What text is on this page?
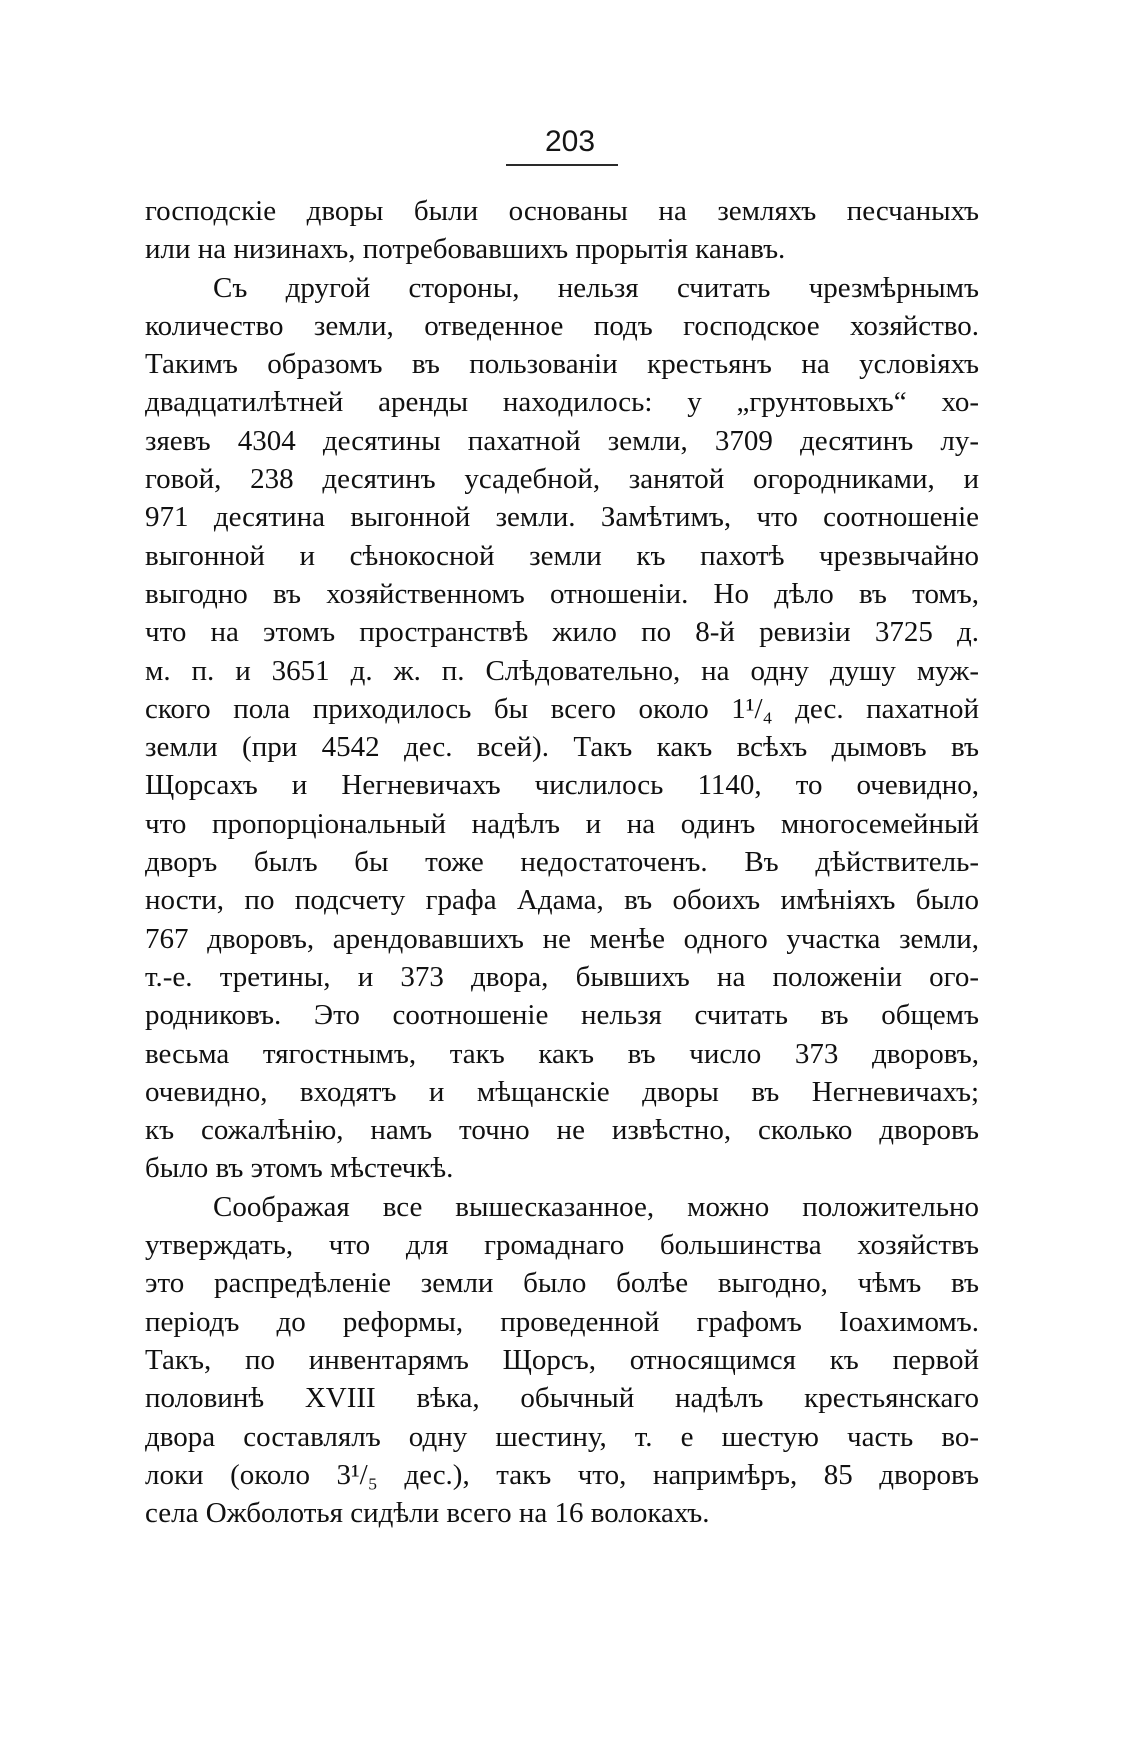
203
господскіе дворы были основаны на земляхъ песчаныхъ
или на низинахъ, потребовавшихъ прорытія канавъ.
Съ другой стороны, нельзя считать чрезмѣрнымъ
количество земли, отведенное подъ господское хозяйство.
Такимъ образомъ въ пользованіи крестьянъ на условіяхъ
двадцатилѣтней аренды находилось: у „грунтовыхъ“ хо-
зяевъ 4304 десятины пахатной земли, 3709 десятинъ лу-
говой, 238 десятинъ усадебной, занятой огородниками, и
971 десятина выгонной земли. Замѣтимъ, что соотношеніе
выгонной и сѣнокосной земли къ пахотѣ чрезвычайно
выгодно въ хозяйственномъ отношеніи. Но дѣло въ томъ,
что на этомъ пространствѣ жило по 8-й ревизіи 3725 д.
м. п. и 3651 д. ж. п. Слѣдовательно, на одну душу муж-
ского пола приходилось бы всего около 1¹/₄ дес. пахатной
земли (при 4542 дес. всей). Такъ какъ всѣхъ дымовъ въ
Щорсахъ и Негневичахъ числилось 1140, то очевидно,
что пропорціональный надѣлъ и на одинъ многосемейный
дворъ былъ бы тоже недостаточенъ. Въ дѣйствитель-
ности, по подсчету графа Адама, въ обоихъ имѣніяхъ было
767 дворовъ, арендовавшихъ не менѣе одного участка земли,
т.-е. третины, и 373 двора, бывшихъ на положеніи ого-
родниковъ. Это соотношеніе нельзя считать въ общемъ
весьма тягостнымъ, такъ какъ въ число 373 дворовъ,
очевидно, входятъ и мѣщанскіе дворы въ Негневичахъ;
къ сожалѣнію, намъ точно не извѣстно, сколько дворовъ
было въ этомъ мѣстечкѣ.
Соображая все вышесказанное, можно положительно
утверждать, что для громаднаго большинства хозяйствъ
это распредѣленіе земли было болѣе выгодно, чѣмъ въ
періодъ до реформы, проведенной графомъ Іоахимомъ.
Такъ, по инвентарямъ Щорсъ, относящимся къ первой
половинѣ XVIII вѣка, обычный надѣлъ крестьянскаго
двора составлялъ одну шестину, т. е шестую часть во-
локи (около 3¹/₅ дес.), такъ что, напримѣръ, 85 дворовъ
села Ожболотья сидѣли всего на 16 волокахъ.
